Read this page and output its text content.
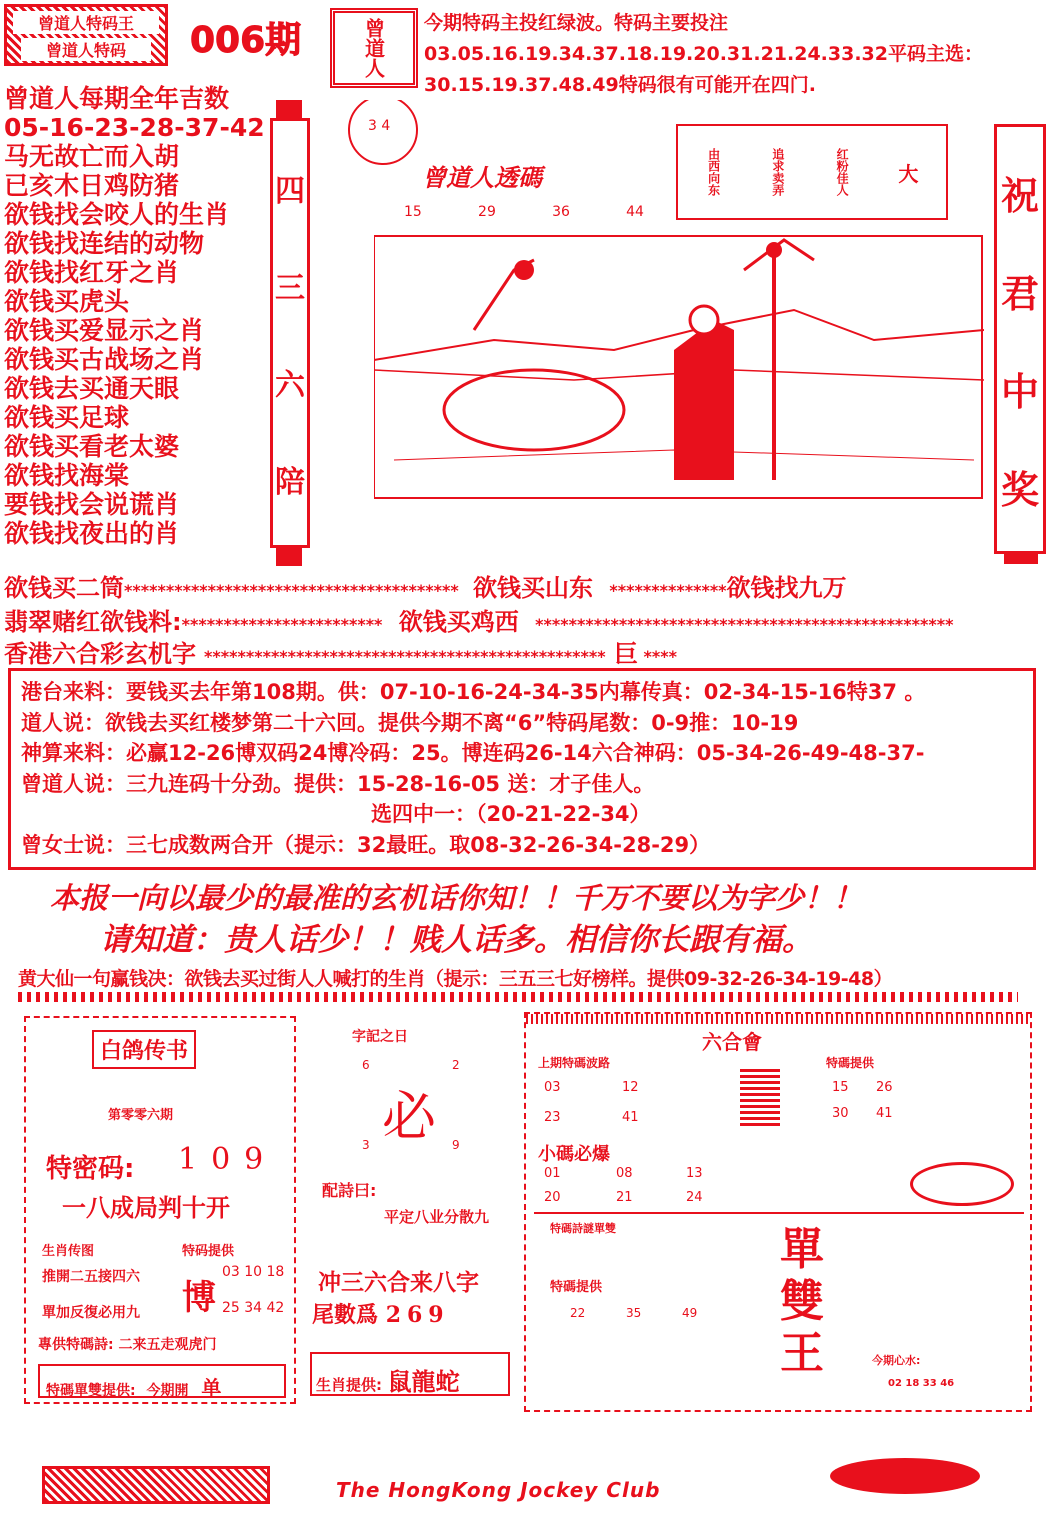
曾道人特码王
曾道人特码	006期	曾道人 今期特码主投红绿波。特码主要投注03.05.16.19.34.37.18.19.20.31.21.24.33.32平码主选：30.15.19.37.48.49特码很有可能开在四门.
曾道人每期全年吉数
05-16-23-28-37-42
马无故亡而入胡
已亥木日鸡防猪
欲钱找会咬人的生肖
欲钱找连结的动物
欲钱找红牙之肖
欲钱买虎头
欲钱买爱显示之肖
欲钱买古战场之肖
欲钱去买通天眼
欲钱买足球
欲钱买看老太婆
欲钱找海棠
要钱找会说谎肖
欲钱找夜出的肖
四
三
六
陪
3 4
曾道人透碼
15	29	36	44
由西向东	追求卖弄	红粉佳人 大 祝
君
中
奖
欲钱买二筒**************************************** 欲钱买山东 **************欲钱找九万
翡翠赌红欲钱料:************************ 欲钱买鸡西 **************************************************
香港六合彩玄机字 ************************************************ 巨 ****
港台来料：要钱买去年第108期。供：07-10-16-24-34-35内幕传真：02-34-15-16特37 。
道人说：欲钱去买红楼梦第二十六回。提供今期不离“6”特码尾数：0-9推：10-19
神算来料：必赢12-26博双码24博冷码：25。博连码26-14六合神码：05-34-26-49-48-37-
曾道人说：三九连码十分劲。提供：15-28-16-05 送：才子佳人。
选四中一：（20-21-22-34）
曾女士说：三七成数两合开（提示：32最旺。取08-32-26-34-28-29）
本报一向以最少的最准的玄机话你知！！千万不要以为字少！！
请知道：贵人话少！！贱人话多。相信你长跟有福。
黄大仙一句赢钱决：欲钱去买过街人人喊打的生肖（提示：三五三七好榜样。提供09-32-26-34-19-48）
白鸽传书
第零零六期
特密码: 109
一八成局判十开
生肖传图
推開二五接四六
單加反復必用九
特码提供
博
03 10 18
25 34 42
專供特碼詩: 二来五走观虎门
特碼單雙提供: 今期開 单
字記之日
6	2
必
3	9
配詩曰:
平定八业分散九
冲三六合来八字
尾數爲 269
生肖提供: 鼠龍蛇
六合會
上期特碼波路
03	12
23	41
小碼必爆
01	08	13
20	21	24
特碼提供
15 26
30 41
特碼詩謎單雙
特碼提供
22	35	49
單
雙
王	今期心水:
02 18 33 46
The HongKong Jockey Club
